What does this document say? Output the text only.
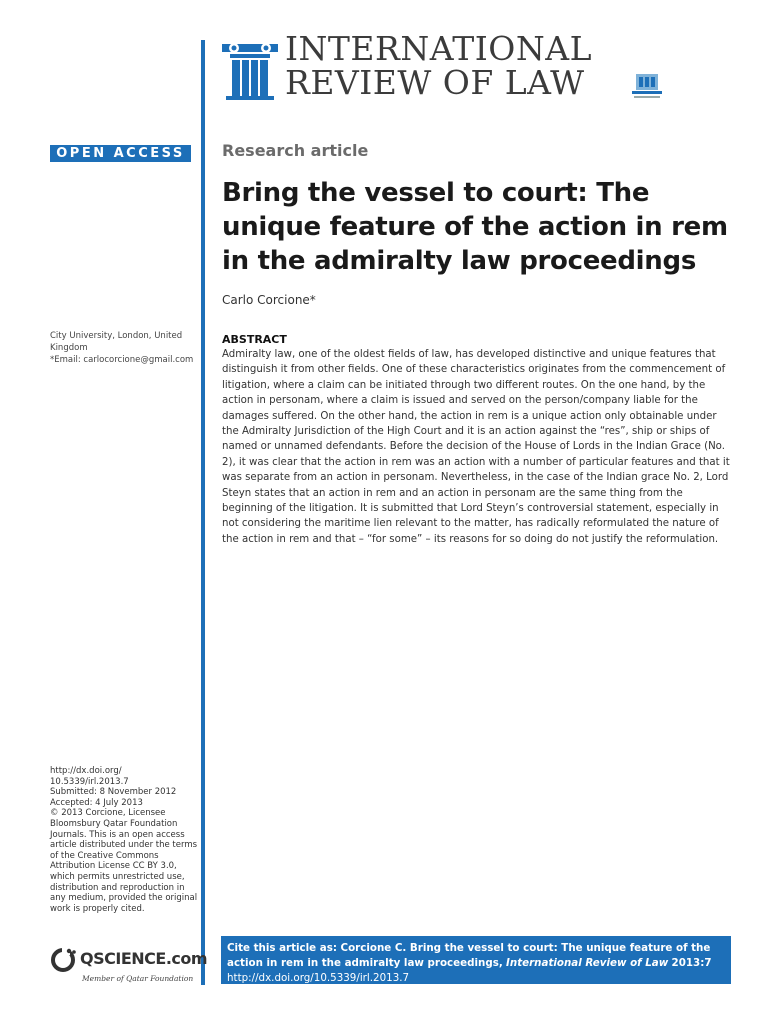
INTERNATIONAL
REVIEW OF LAW
OPEN ACCESS	Research article
Bring the vessel to court: The unique feature of the action in rem in the admiralty law proceedings
Carlo Corcione*
City University, London, United Kingdom
*Email: carlocorcione@gmail.com
ABSTRACT
Admiralty law, one of the oldest fields of law, has developed distinctive and unique features that distinguish it from other fields. One of these characteristics originates from the commencement of litigation, where a claim can be initiated through two different routes. On the one hand, by the action in personam, where a claim is issued and served on the person/company liable for the damages suffered. On the other hand, the action in rem is a unique action only obtainable under the Admiralty Jurisdiction of the High Court and it is an action against the “res”, ship or ships of named or unnamed defendants. Before the decision of the House of Lords in the Indian Grace (No. 2), it was clear that the action in rem was an action with a number of particular features and that it was separate from an action in personam. Nevertheless, in the case of the Indian grace No. 2, Lord Steyn states that an action in rem and an action in personam are the same thing from the beginning of the litigation. It is submitted that Lord Steyn’s controversial statement, especially in not considering the maritime lien relevant to the matter, has radically reformulated the nature of the action in rem and that – “for some” – its reasons for so doing do not justify the reformulation.
http://dx.doi.org/
10.5339/irl.2013.7
Submitted: 8 November 2012
Accepted: 4 July 2013
© 2013 Corcione, Licensee Bloomsbury Qatar Foundation Journals. This is an open access article distributed under the terms of the Creative Commons Attribution License CC BY 3.0, which permits unrestricted use, distribution and reproduction in any medium, provided the original work is properly cited.
QSCIENCE.com
Member of Qatar Foundation
Cite this article as: Corcione C. Bring the vessel to court: The unique feature of the action in rem in the admiralty law proceedings, International Review of Law 2013:7 http://dx.doi.org/10.5339/irl.2013.7
